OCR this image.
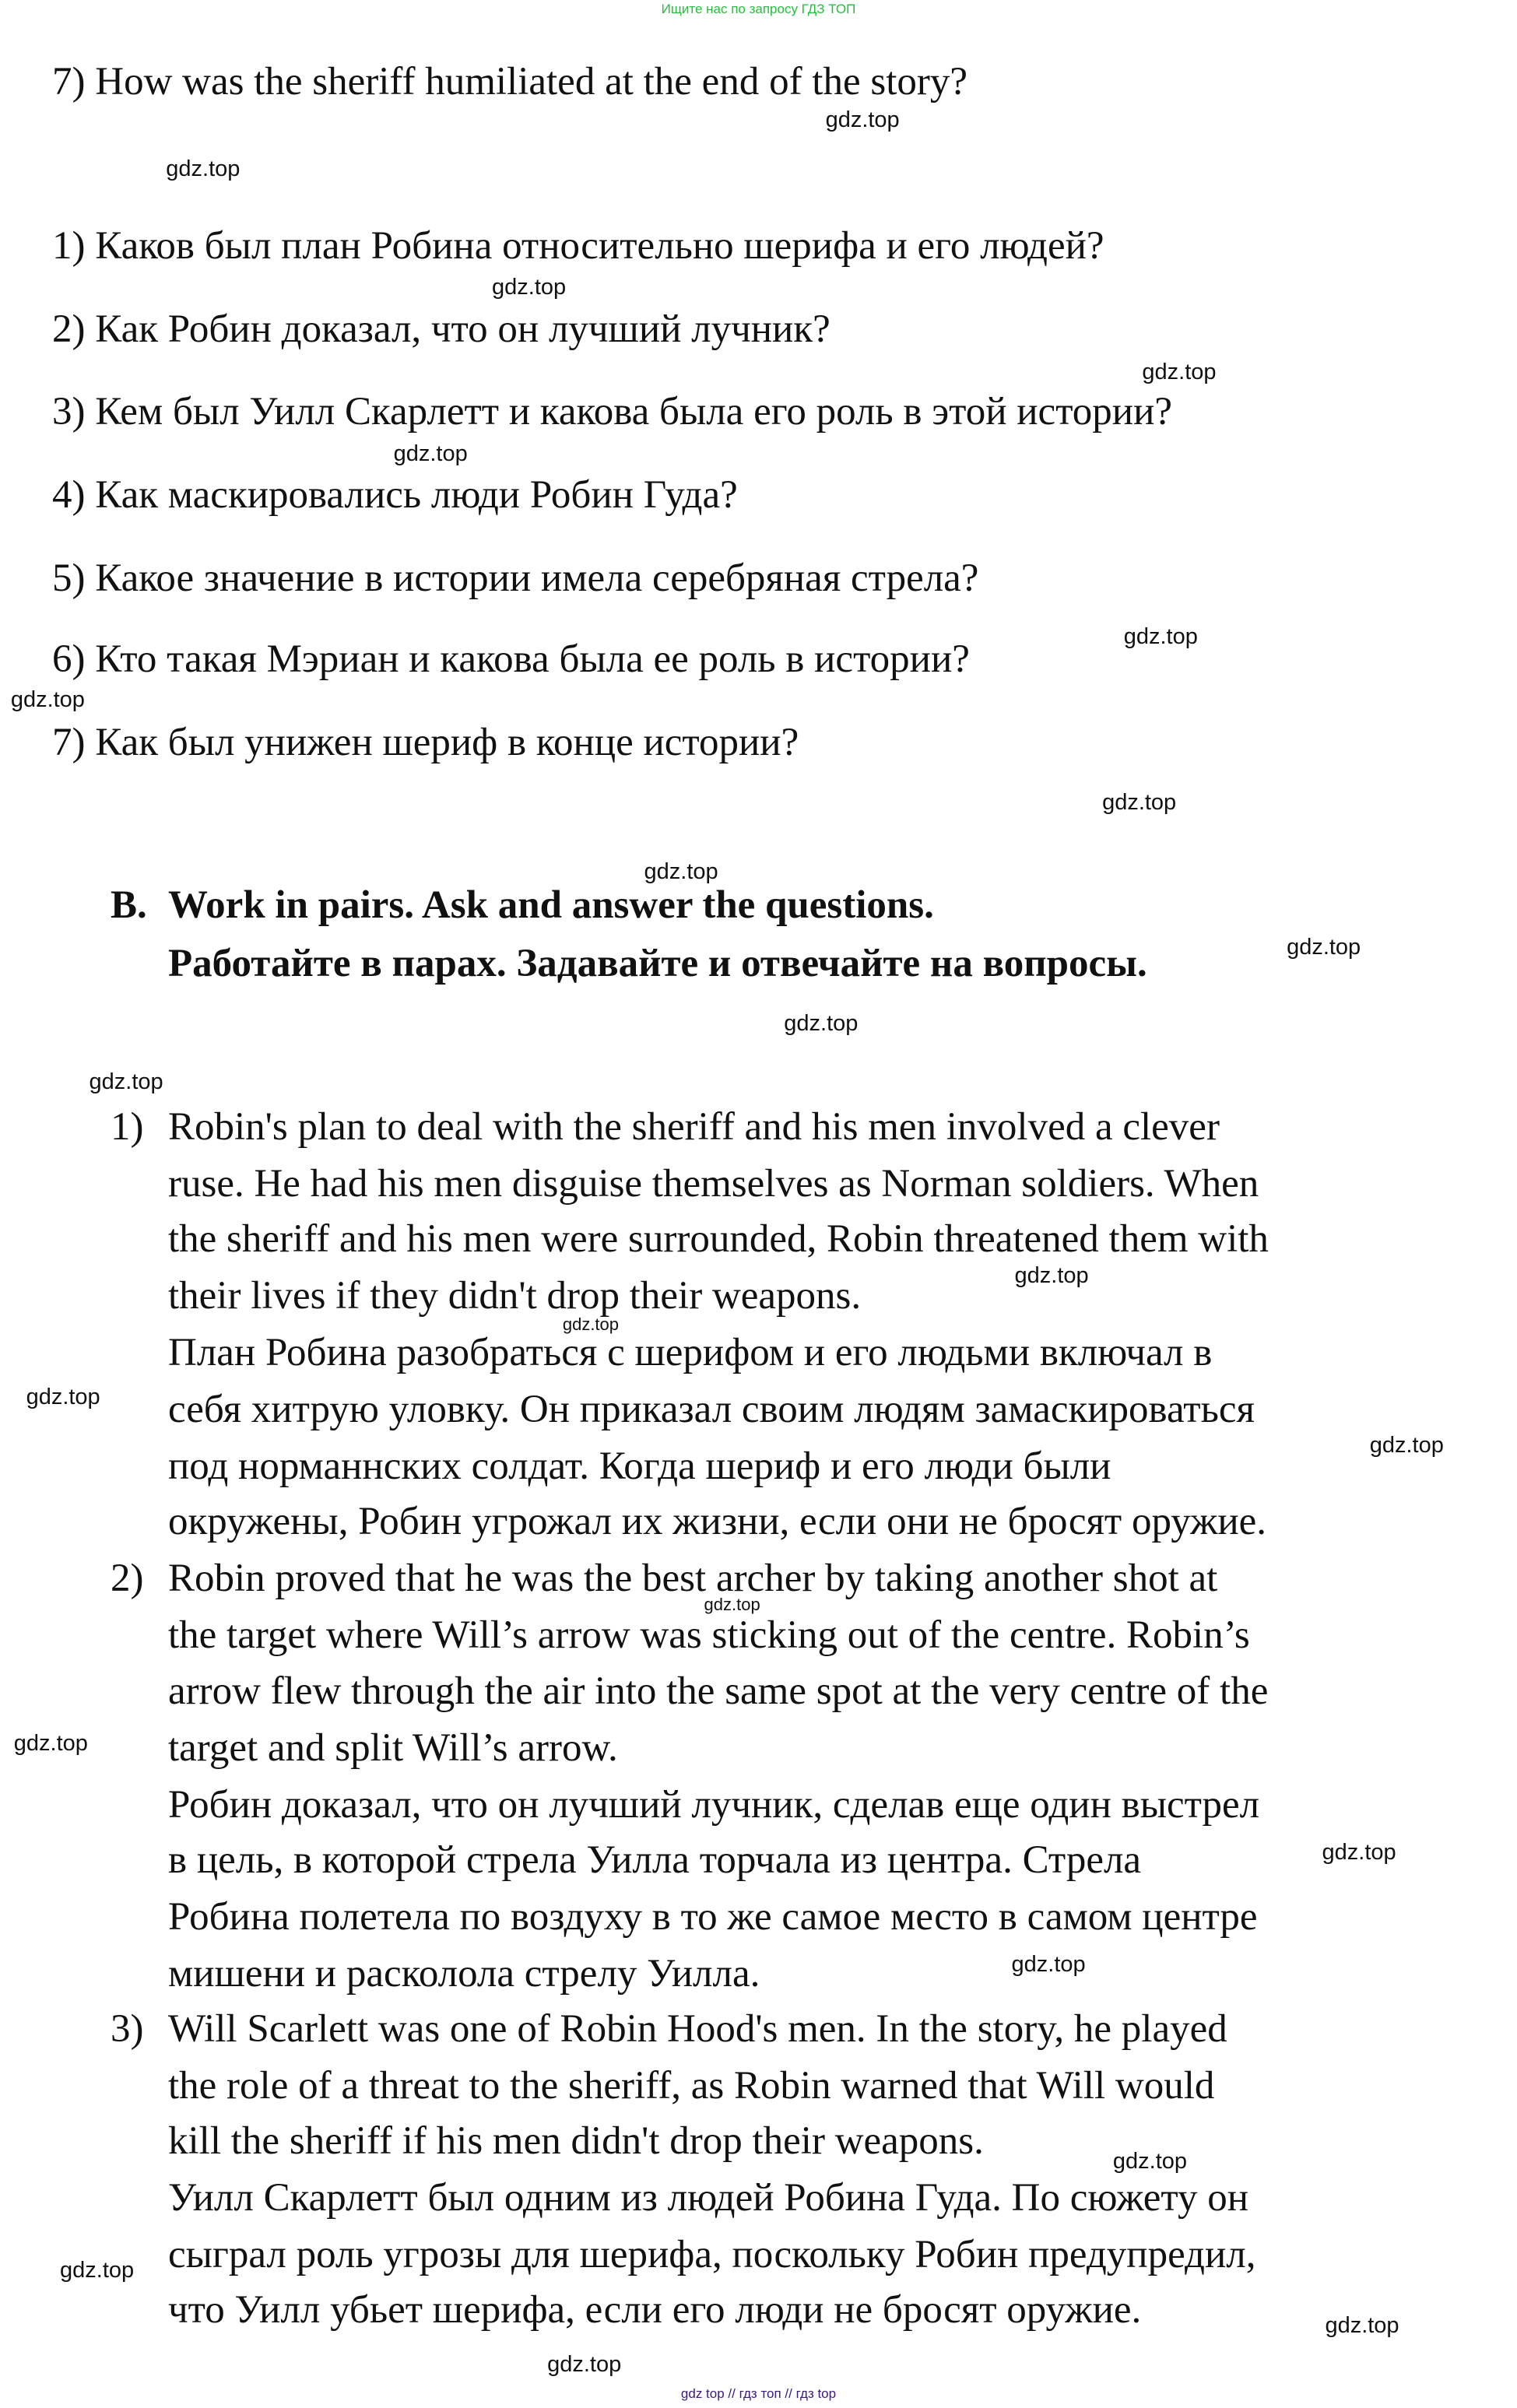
Ищите нас по запросу ГДЗ ТОП
7) How was the sheriff humiliated at the end of the story?
1) Каков был план Робина относительно шерифа и его людей?
2) Как Робин доказал, что он лучший лучник?
3) Кем был Уилл Скарлетт и какова была его роль в этой истории?
4) Как маскировались люди Робин Гуда?
5) Какое значение в истории имела серебряная стрела?
6) Кто такая Мэриан и какова была ее роль в истории?
7) Как был унижен шериф в конце истории?
B. Work in pairs. Ask and answer the questions.
Работайте в парах. Задавайте и отвечайте на вопросы.
1) Robin's plan to deal with the sheriff and his men involved a clever
ruse. He had his men disguise themselves as Norman soldiers. When
the sheriff and his men were surrounded, Robin threatened them with
their lives if they didn't drop their weapons.
План Робина разобраться с шерифом и его людьми включал в
себя хитрую уловку. Он приказал своим людям замаскироваться
под норманнских солдат. Когда шериф и его люди были
окружены, Робин угрожал их жизни, если они не бросят оружие.
2) Robin proved that he was the best archer by taking another shot at
the target where Will’s arrow was sticking out of the centre. Robin’s
arrow flew through the air into the same spot at the very centre of the
target and split Will’s arrow.
Робин доказал, что он лучший лучник, сделав еще один выстрел
в цель, в которой стрела Уилла торчала из центра. Стрела
Робина полетела по воздуху в то же самое место в самом центре
мишени и расколола стрелу Уилла.
3) Will Scarlett was one of Robin Hood's men. In the story, he played
the role of a threat to the sheriff, as Robin warned that Will would
kill the sheriff if his men didn't drop their weapons.
Уилл Скарлетт был одним из людей Робина Гуда. По сюжету он
сыграл роль угрозы для шерифа, поскольку Робин предупредил,
что Уилл убьет шерифа, если его люди не бросят оружие.
gdz.top
gdz.top
gdz.top
gdz.top
gdz.top
gdz.top
gdz.top
gdz.top
gdz.top
gdz.top
gdz.top
gdz.top
gdz.top
gdz.top
gdz.top
gdz.top
gdz.top
gdz.top
gdz.top
gdz.top
gdz.top
gdz.top
gdz.top
gdz.top
gdz top // гдз топ // гдз top
